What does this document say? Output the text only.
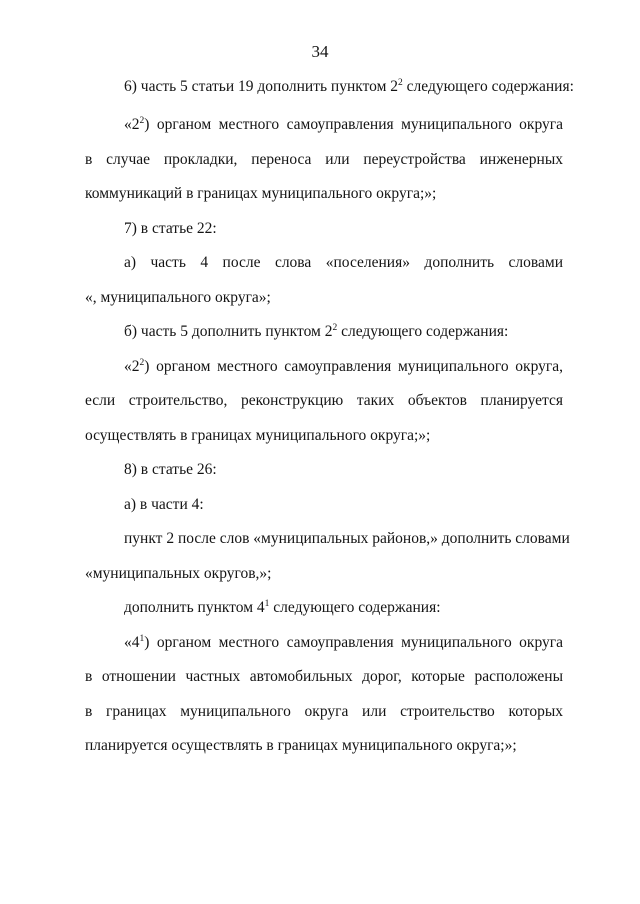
34
6) часть 5 статьи 19 дополнить пунктом $2^2$ следующего содержания:
«$2^2$) органом местного самоуправления муниципального округа
в случае прокладки, переноса или переустройства инженерных
коммуникаций в границах муниципального округа;»;
7) в статье 22:
а) часть 4 после слова «поселения» дополнить словами
«, муниципального округа»;
б) часть 5 дополнить пунктом $2^2$ следующего содержания:
«$2^2$) органом местного самоуправления муниципального округа,
если строительство, реконструкцию таких объектов планируется
осуществлять в границах муниципального округа;»;
8) в статье 26:
а) в части 4:
пункт 2 после слов «муниципальных районов,» дополнить словами
«муниципальных округов,»;
дополнить пунктом $4^1$ следующего содержания:
«$4^1$) органом местного самоуправления муниципального округа
в отношении частных автомобильных дорог, которые расположены
в границах муниципального округа или строительство которых
планируется осуществлять в границах муниципального округа;»;
